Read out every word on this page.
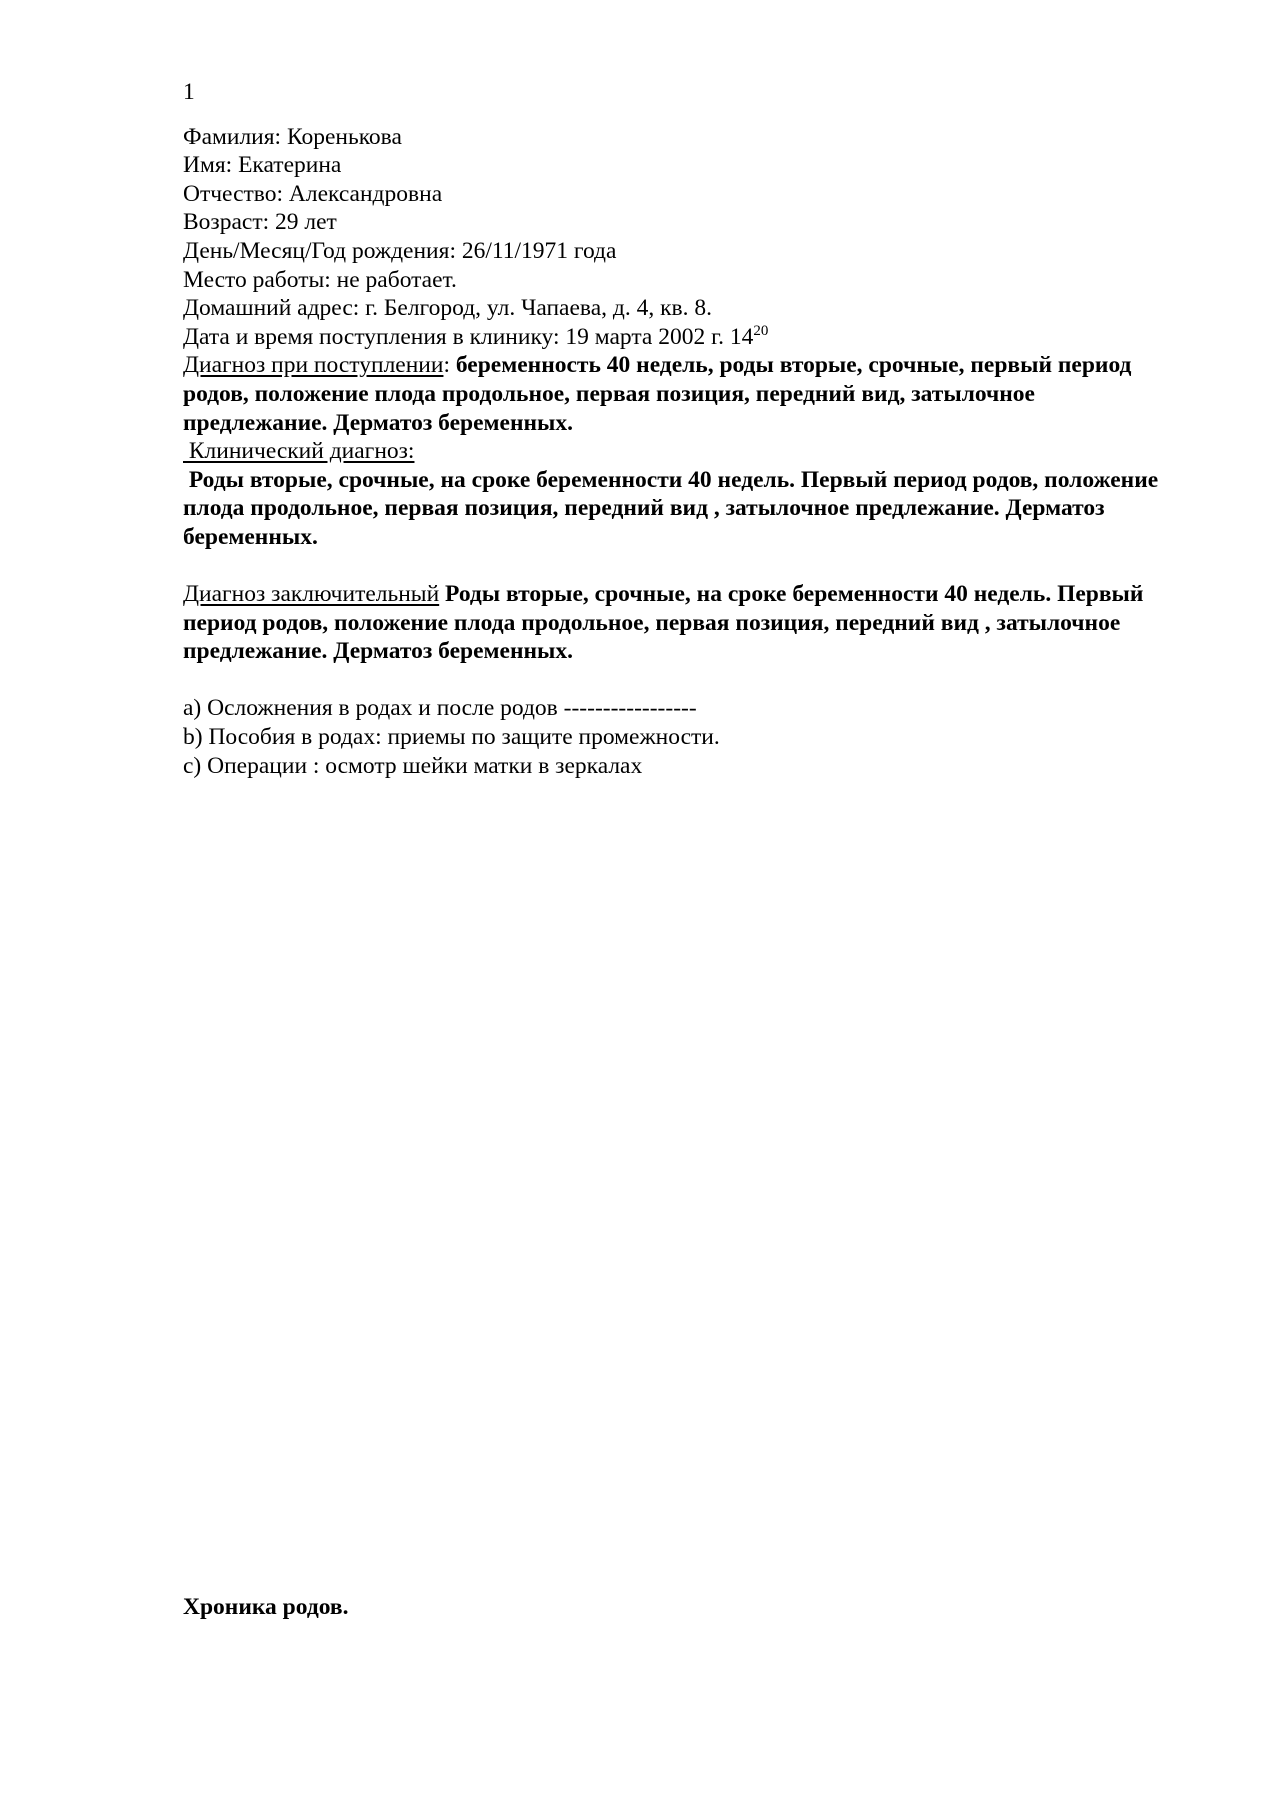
1
Фамилия: Коренькова
Имя: Екатерина
Отчество: Александровна
Возраст: 29 лет
День/Месяц/Год рождения: 26/11/1971 года
Место работы: не работает.
Домашний адрес: г. Белгород, ул. Чапаева, д. 4, кв. 8.
Дата и время поступления в клинику: 19 марта 2002 г. $14^{20}$
Диагноз при поступлении: беременность 40 недель, роды вторые, срочные, первый период родов, положение плода продольное, первая позиция, передний вид, затылочное предлежание. Дерматоз беременных.
Клинический диагноз:
Роды вторые, срочные, на сроке беременности 40 недель. Первый период родов, положение плода продольное, первая позиция, передний вид , затылочное предлежание. Дерматоз беременных.
Диагноз заключительный Роды вторые, срочные, на сроке беременности 40 недель. Первый период родов, положение плода продольное, первая позиция, передний вид , затылочное предлежание. Дерматоз беременных.
a) Осложнения в родах и после родов -----------------
b) Пособия в родах: приемы по защите промежности.
c) Операции : осмотр шейки матки в зеркалах
Хроника родов.
